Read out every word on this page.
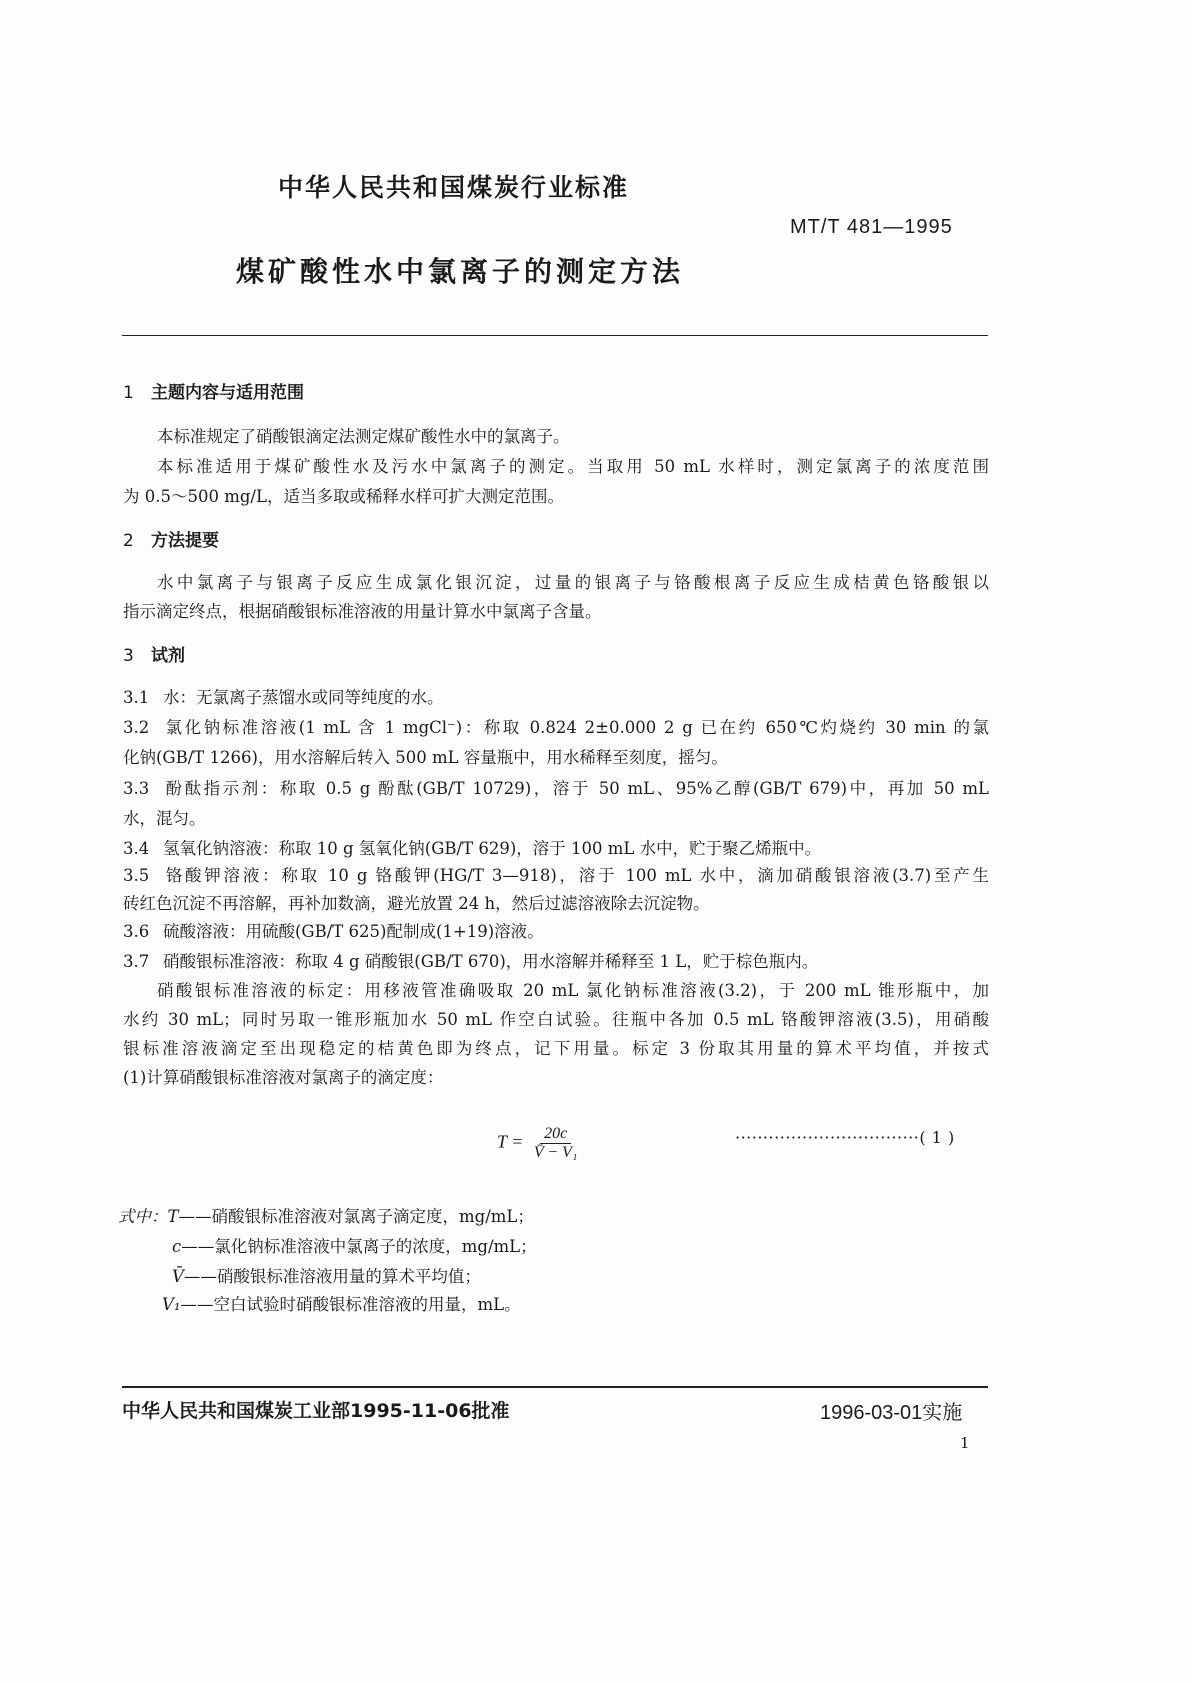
中华人民共和国煤炭行业标准
MT/T 481—1995
煤矿酸性水中氯离子的测定方法
1 主题内容与适用范围
本标准规定了硝酸银滴定法测定煤矿酸性水中的氯离子。
本标准适用于煤矿酸性水及污水中氯离子的测定。当取用 50 mL 水样时，测定氯离子的浓度范围
为 0.5～500 mg/L，适当多取或稀释水样可扩大测定范围。
2 方法提要
水中氯离子与银离子反应生成氯化银沉淀，过量的银离子与铬酸根离子反应生成桔黄色铬酸银以
指示滴定终点，根据硝酸银标准溶液的用量计算水中氯离子含量。
3 试剂
3.1 水：无氯离子蒸馏水或同等纯度的水。
3.2 氯化钠标准溶液(1 mL 含 1 mgCl⁻)：称取 0.824 2±0.000 2 g 已在约 650℃灼烧约 30 min 的氯
化钠(GB/T 1266)，用水溶解后转入 500 mL 容量瓶中，用水稀释至刻度，摇匀。
3.3 酚酞指示剂：称取 0.5 g 酚酞(GB/T 10729)，溶于 50 mL、95%乙醇(GB/T 679)中，再加 50 mL
水，混匀。
3.4 氢氧化钠溶液：称取 10 g 氢氧化钠(GB/T 629)，溶于 100 mL 水中，贮于聚乙烯瓶中。
3.5 铬酸钾溶液：称取 10 g 铬酸钾(HG/T 3—918)，溶于 100 mL 水中，滴加硝酸银溶液(3.7)至产生
砖红色沉淀不再溶解，再补加数滴，避光放置 24 h，然后过滤溶液除去沉淀物。
3.6 硫酸溶液：用硫酸(GB/T 625)配制成(1+19)溶液。
3.7 硝酸银标准溶液：称取 4 g 硝酸银(GB/T 670)，用水溶解并稀释至 1 L，贮于棕色瓶内。
硝酸银标准溶液的标定：用移液管准确吸取 20 mL 氯化钠标准溶液(3.2)，于 200 mL 锥形瓶中，加
水约 30 mL；同时另取一锥形瓶加水 50 mL 作空白试验。往瓶中各加 0.5 mL 铬酸钾溶液(3.5)，用硝酸
银标准溶液滴定至出现稳定的桔黄色即为终点，记下用量。标定 3 份取其用量的算术平均值，并按式
(1)计算硝酸银标准溶液对氯离子的滴定度：
$T = \frac{20c}{\text{V̄ − V₁}}$	·································( 1 )
式中：T——硝酸银标准溶液对氯离子滴定度，mg/mL；
c——氯化钠标准溶液中氯离子的浓度，mg/mL；
V̄——硝酸银标准溶液用量的算术平均值；
V₁——空白试验时硝酸银标准溶液的用量，mL。
中华人民共和国煤炭工业部1995-11-06批准	1996-03-01实施
1
